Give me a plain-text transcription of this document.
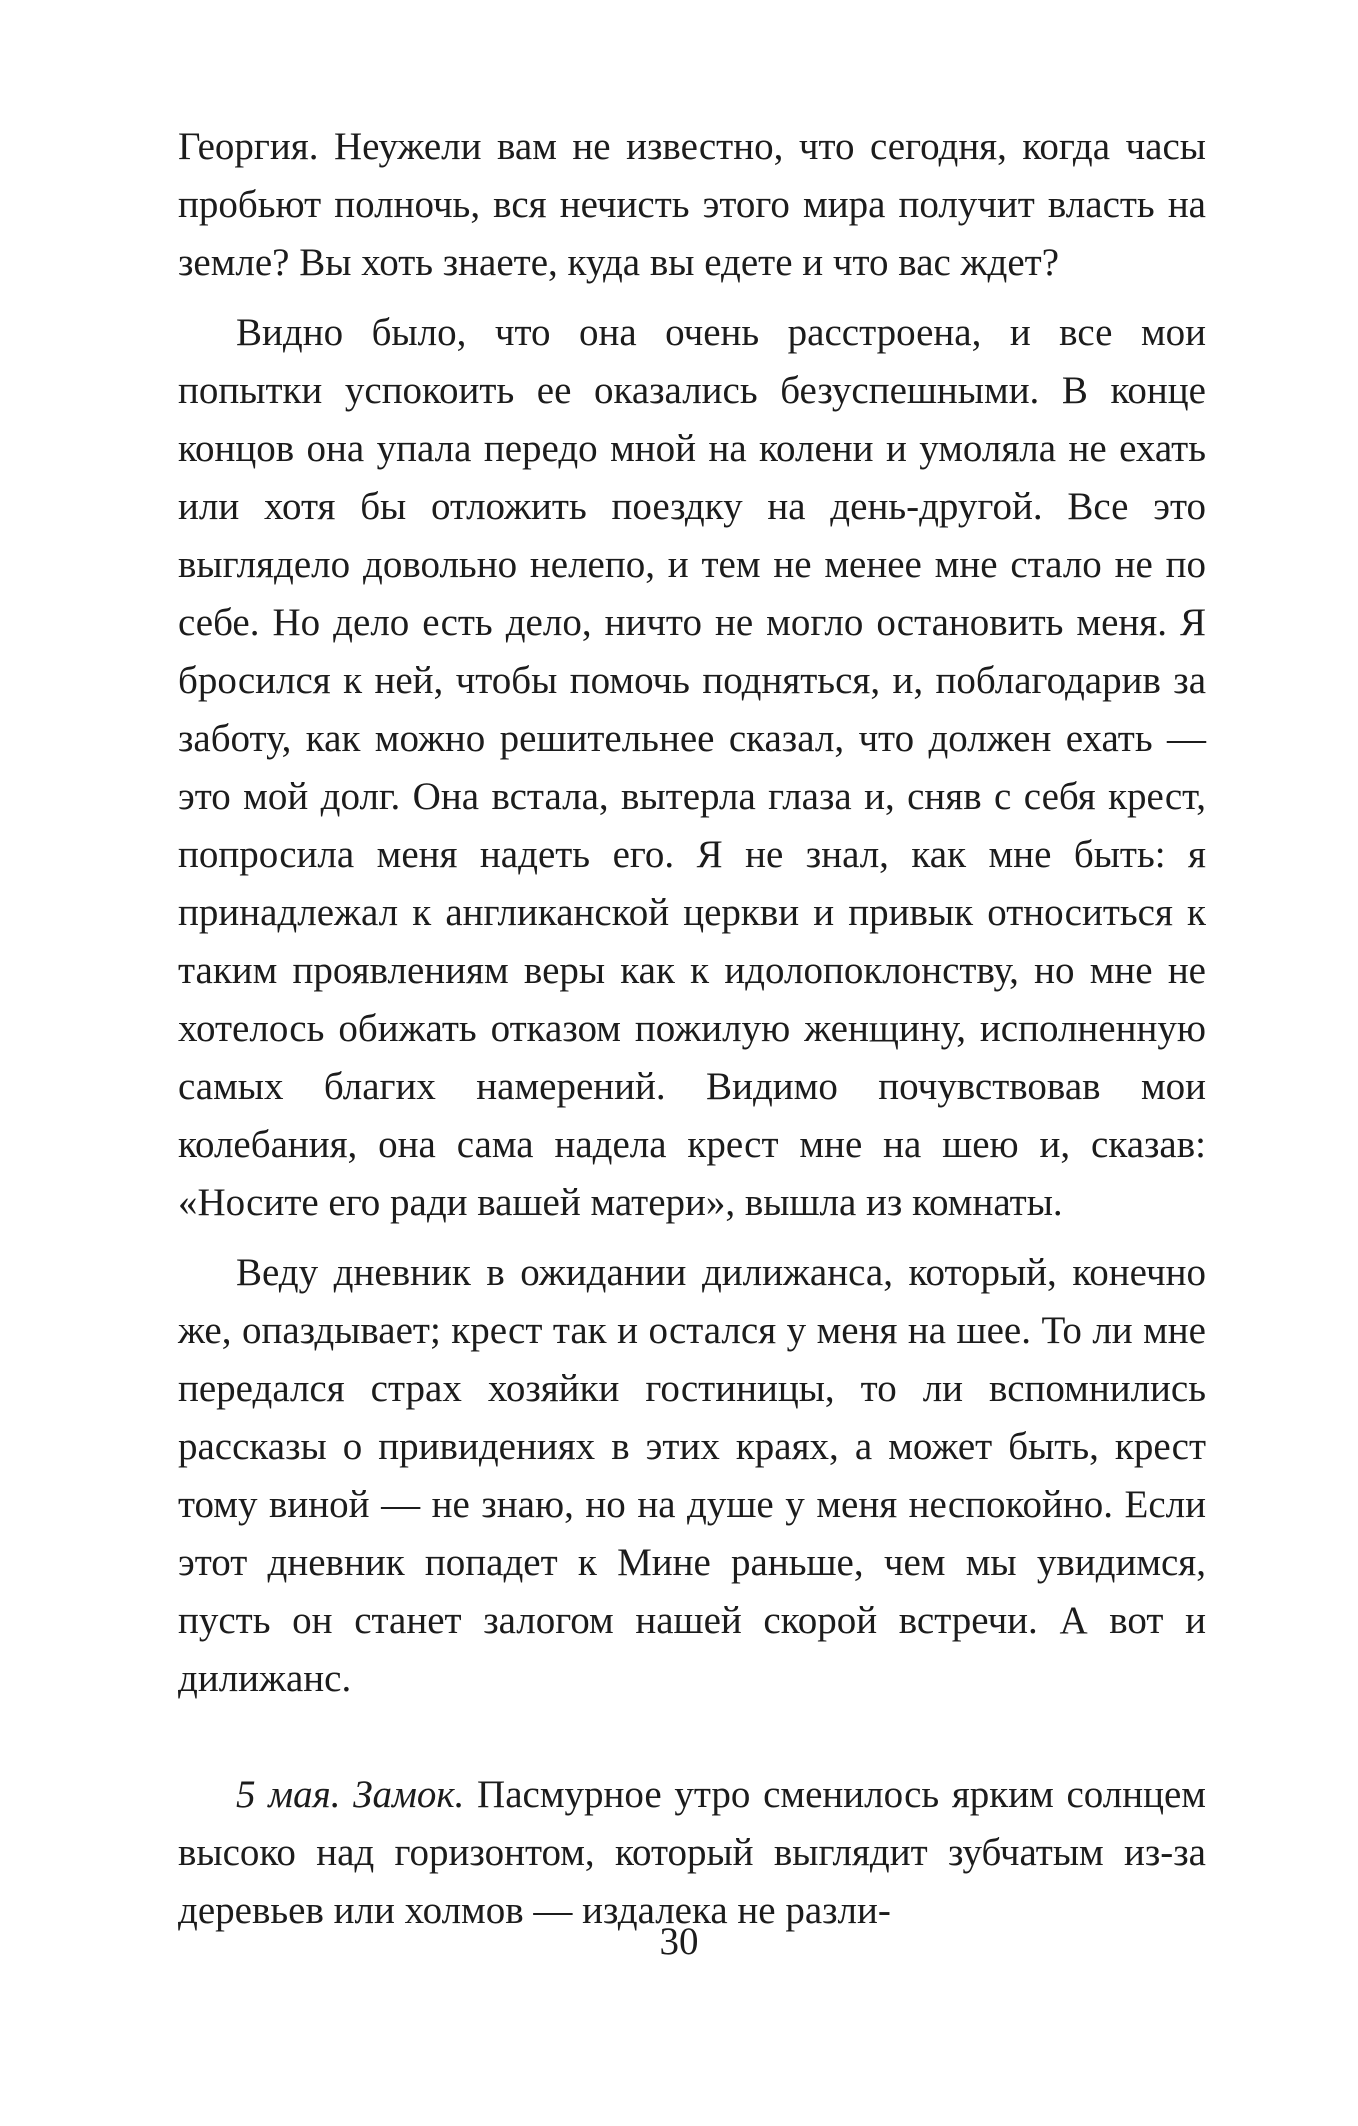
Георгия. Неужели вам не известно, что сегодня, когда часы пробьют полночь, вся нечисть этого мира получит власть на земле? Вы хоть знаете, куда вы едете и что вас ждет?

Видно было, что она очень расстроена, и все мои попытки успокоить ее оказались безуспешными. В конце концов она упала передо мной на колени и умоляла не ехать или хотя бы отложить поездку на день-другой. Все это выглядело довольно нелепо, и тем не менее мне стало не по себе. Но дело есть дело, ничто не могло остановить меня. Я бросился к ней, чтобы помочь подняться, и, поблагодарив за заботу, как можно решительнее сказал, что должен ехать — это мой долг. Она встала, вытерла глаза и, сняв с себя крест, попросила меня надеть его. Я не знал, как мне быть: я принадлежал к англиканской церкви и привык относиться к таким проявлениям веры как к идолопоклонству, но мне не хотелось обижать отказом пожилую женщину, исполненную самых благих намерений. Видимо почувствовав мои колебания, она сама надела крест мне на шею и, сказав: «Носите его ради вашей матери», вышла из комнаты.

Веду дневник в ожидании дилижанса, который, конечно же, опаздывает; крест так и остался у меня на шее. То ли мне передался страх хозяйки гостиницы, то ли вспомнились рассказы о привидениях в этих краях, а может быть, крест тому виной — не знаю, но на душе у меня неспокойно. Если этот дневник попадет к Мине раньше, чем мы увидимся, пусть он станет залогом нашей скорой встречи. А вот и дилижанс.

5 мая. Замок. Пасмурное утро сменилось ярким солнцем высоко над горизонтом, который выглядит зубчатым из-за деревьев или холмов — издалека не разли-

30
